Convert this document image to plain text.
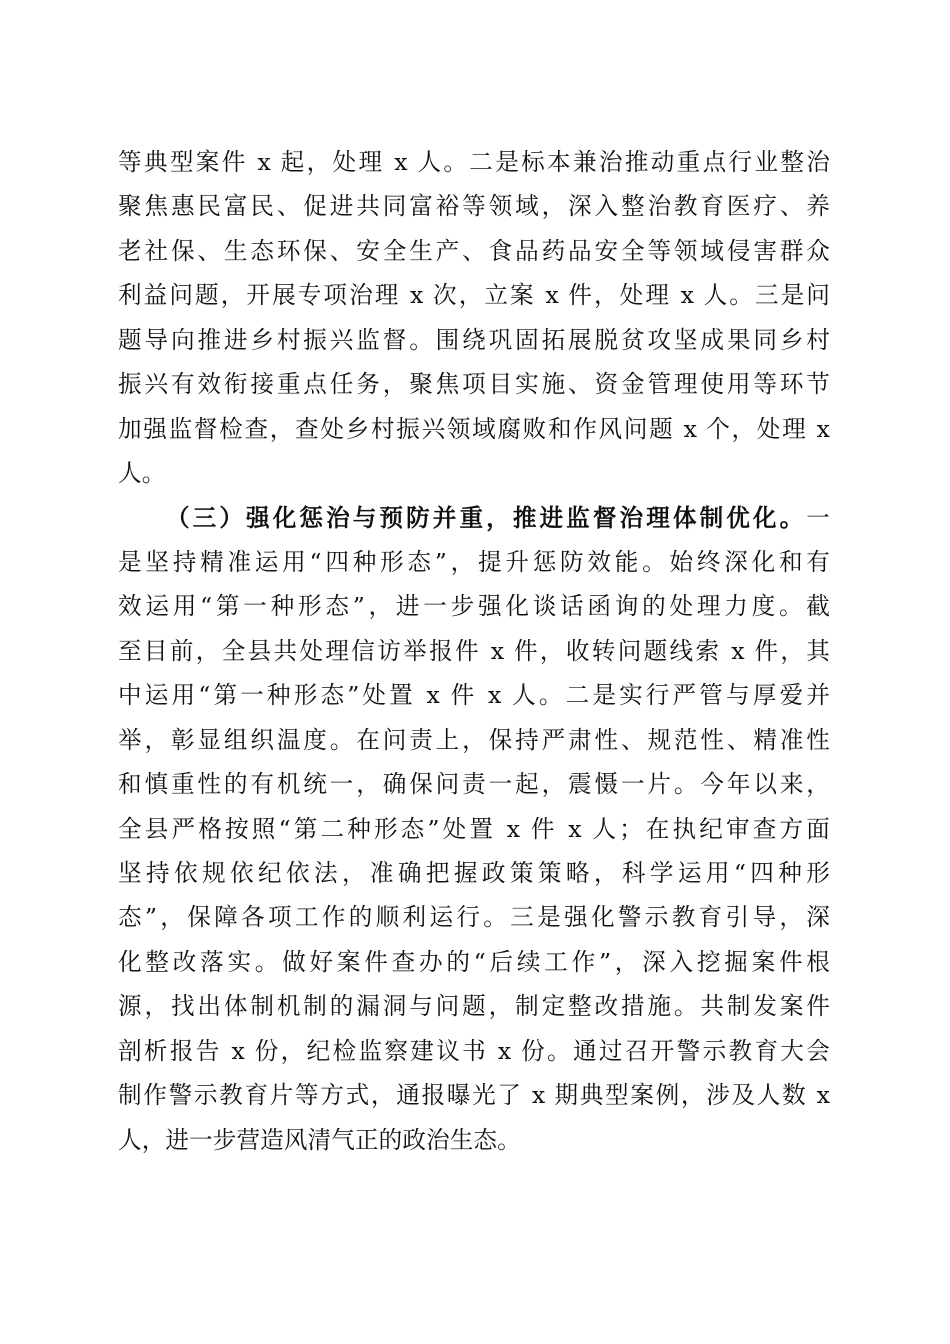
等典型案件 x 起，处理 x 人。二是标本兼治推动重点行业整治
聚焦惠民富民、促进共同富裕等领域，深入整治教育医疗、养
老社保、生态环保、安全生产、食品药品安全等领域侵害群众
利益问题，开展专项治理 x 次，立案 x 件，处理 x 人。三是问
题导向推进乡村振兴监督。围绕巩固拓展脱贫攻坚成果同乡村
振兴有效衔接重点任务，聚焦项目实施、资金管理使用等环节
加强监督检查，查处乡村振兴领域腐败和作风问题 x 个，处理 x
人。
（三）强化惩治与预防并重，推进监督治理体制优化。一
是坚持精准运用“四种形态”，提升惩防效能。始终深化和有
效运用“第一种形态”，进一步强化谈话函询的处理力度。截
至目前，全县共处理信访举报件 x 件，收转问题线索 x 件，其
中运用“第一种形态”处置 x 件 x 人。二是实行严管与厚爱并
举，彰显组织温度。在问责上，保持严肃性、规范性、精准性
和慎重性的有机统一，确保问责一起，震慑一片。今年以来，
全县严格按照“第二种形态”处置 x 件 x 人；在执纪审查方面
坚持依规依纪依法，准确把握政策策略，科学运用“四种形
态”，保障各项工作的顺利运行。三是强化警示教育引导，深
化整改落实。做好案件查办的“后续工作”，深入挖掘案件根
源，找出体制机制的漏洞与问题，制定整改措施。共制发案件
剖析报告 x 份，纪检监察建议书 x 份。通过召开警示教育大会
制作警示教育片等方式，通报曝光了 x 期典型案例，涉及人数 x
人，进一步营造风清气正的政治生态。
